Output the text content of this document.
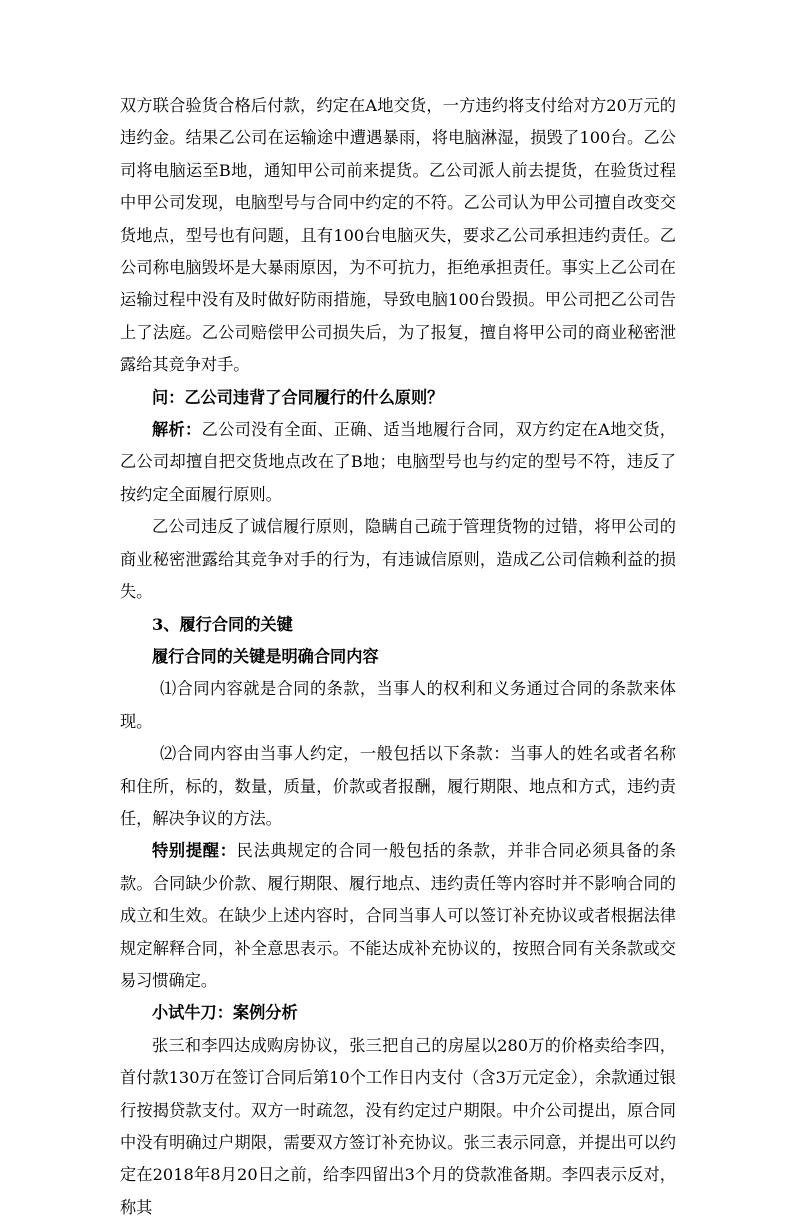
双方联合验货合格后付款，约定在A地交货，一方违约将支付给对方20万元的违约金。结果乙公司在运输途中遭遇暴雨，将电脑淋湿，损毁了100台。乙公司将电脑运至B地，通知甲公司前来提货。乙公司派人前去提货，在验货过程中甲公司发现，电脑型号与合同中约定的不符。乙公司认为甲公司擅自改变交货地点，型号也有问题，且有100台电脑灭失，要求乙公司承担违约责任。乙公司称电脑毁坏是大暴雨原因，为不可抗力，拒绝承担责任。事实上乙公司在运输过程中没有及时做好防雨措施，导致电脑100台毁损。甲公司把乙公司告上了法庭。乙公司赔偿甲公司损失后，为了报复，擅自将甲公司的商业秘密泄露给其竞争对手。

问：乙公司违背了合同履行的什么原则？

解析：乙公司没有全面、正确、适当地履行合同，双方约定在A地交货，乙公司却擅自把交货地点改在了B地；电脑型号也与约定的型号不符，违反了按约定全面履行原则。

乙公司违反了诚信履行原则，隐瞒自己疏于管理货物的过错，将甲公司的商业秘密泄露给其竞争对手的行为，有违诚信原则，造成乙公司信赖利益的损失。

3、履行合同的关键

履行合同的关键是明确合同内容

⑴合同内容就是合同的条款，当事人的权利和义务通过合同的条款来体现。

⑵合同内容由当事人约定，一般包括以下条款：当事人的姓名或者名称和住所，标的，数量，质量，价款或者报酬，履行期限、地点和方式，违约责任，解决争议的方法。

特别提醒：民法典规定的合同一般包括的条款，并非合同必须具备的条款。合同缺少价款、履行期限、履行地点、违约责任等内容时并不影响合同的成立和生效。在缺少上述内容时，合同当事人可以签订补充协议或者根据法律规定解释合同，补全意思表示。不能达成补充协议的，按照合同有关条款或交易习惯确定。

小试牛刀：案例分析

张三和李四达成购房协议，张三把自己的房屋以280万的价格卖给李四，首付款130万在签订合同后第10个工作日内支付（含3万元定金），余款通过银行按揭贷款支付。双方一时疏忽，没有约定过户期限。中介公司提出，原合同中没有明确过户期限，需要双方签订补充协议。张三表示同意，并提出可以约定在2018年8月20日之前，给李四留出3个月的贷款准备期。李四表示反对，称其
